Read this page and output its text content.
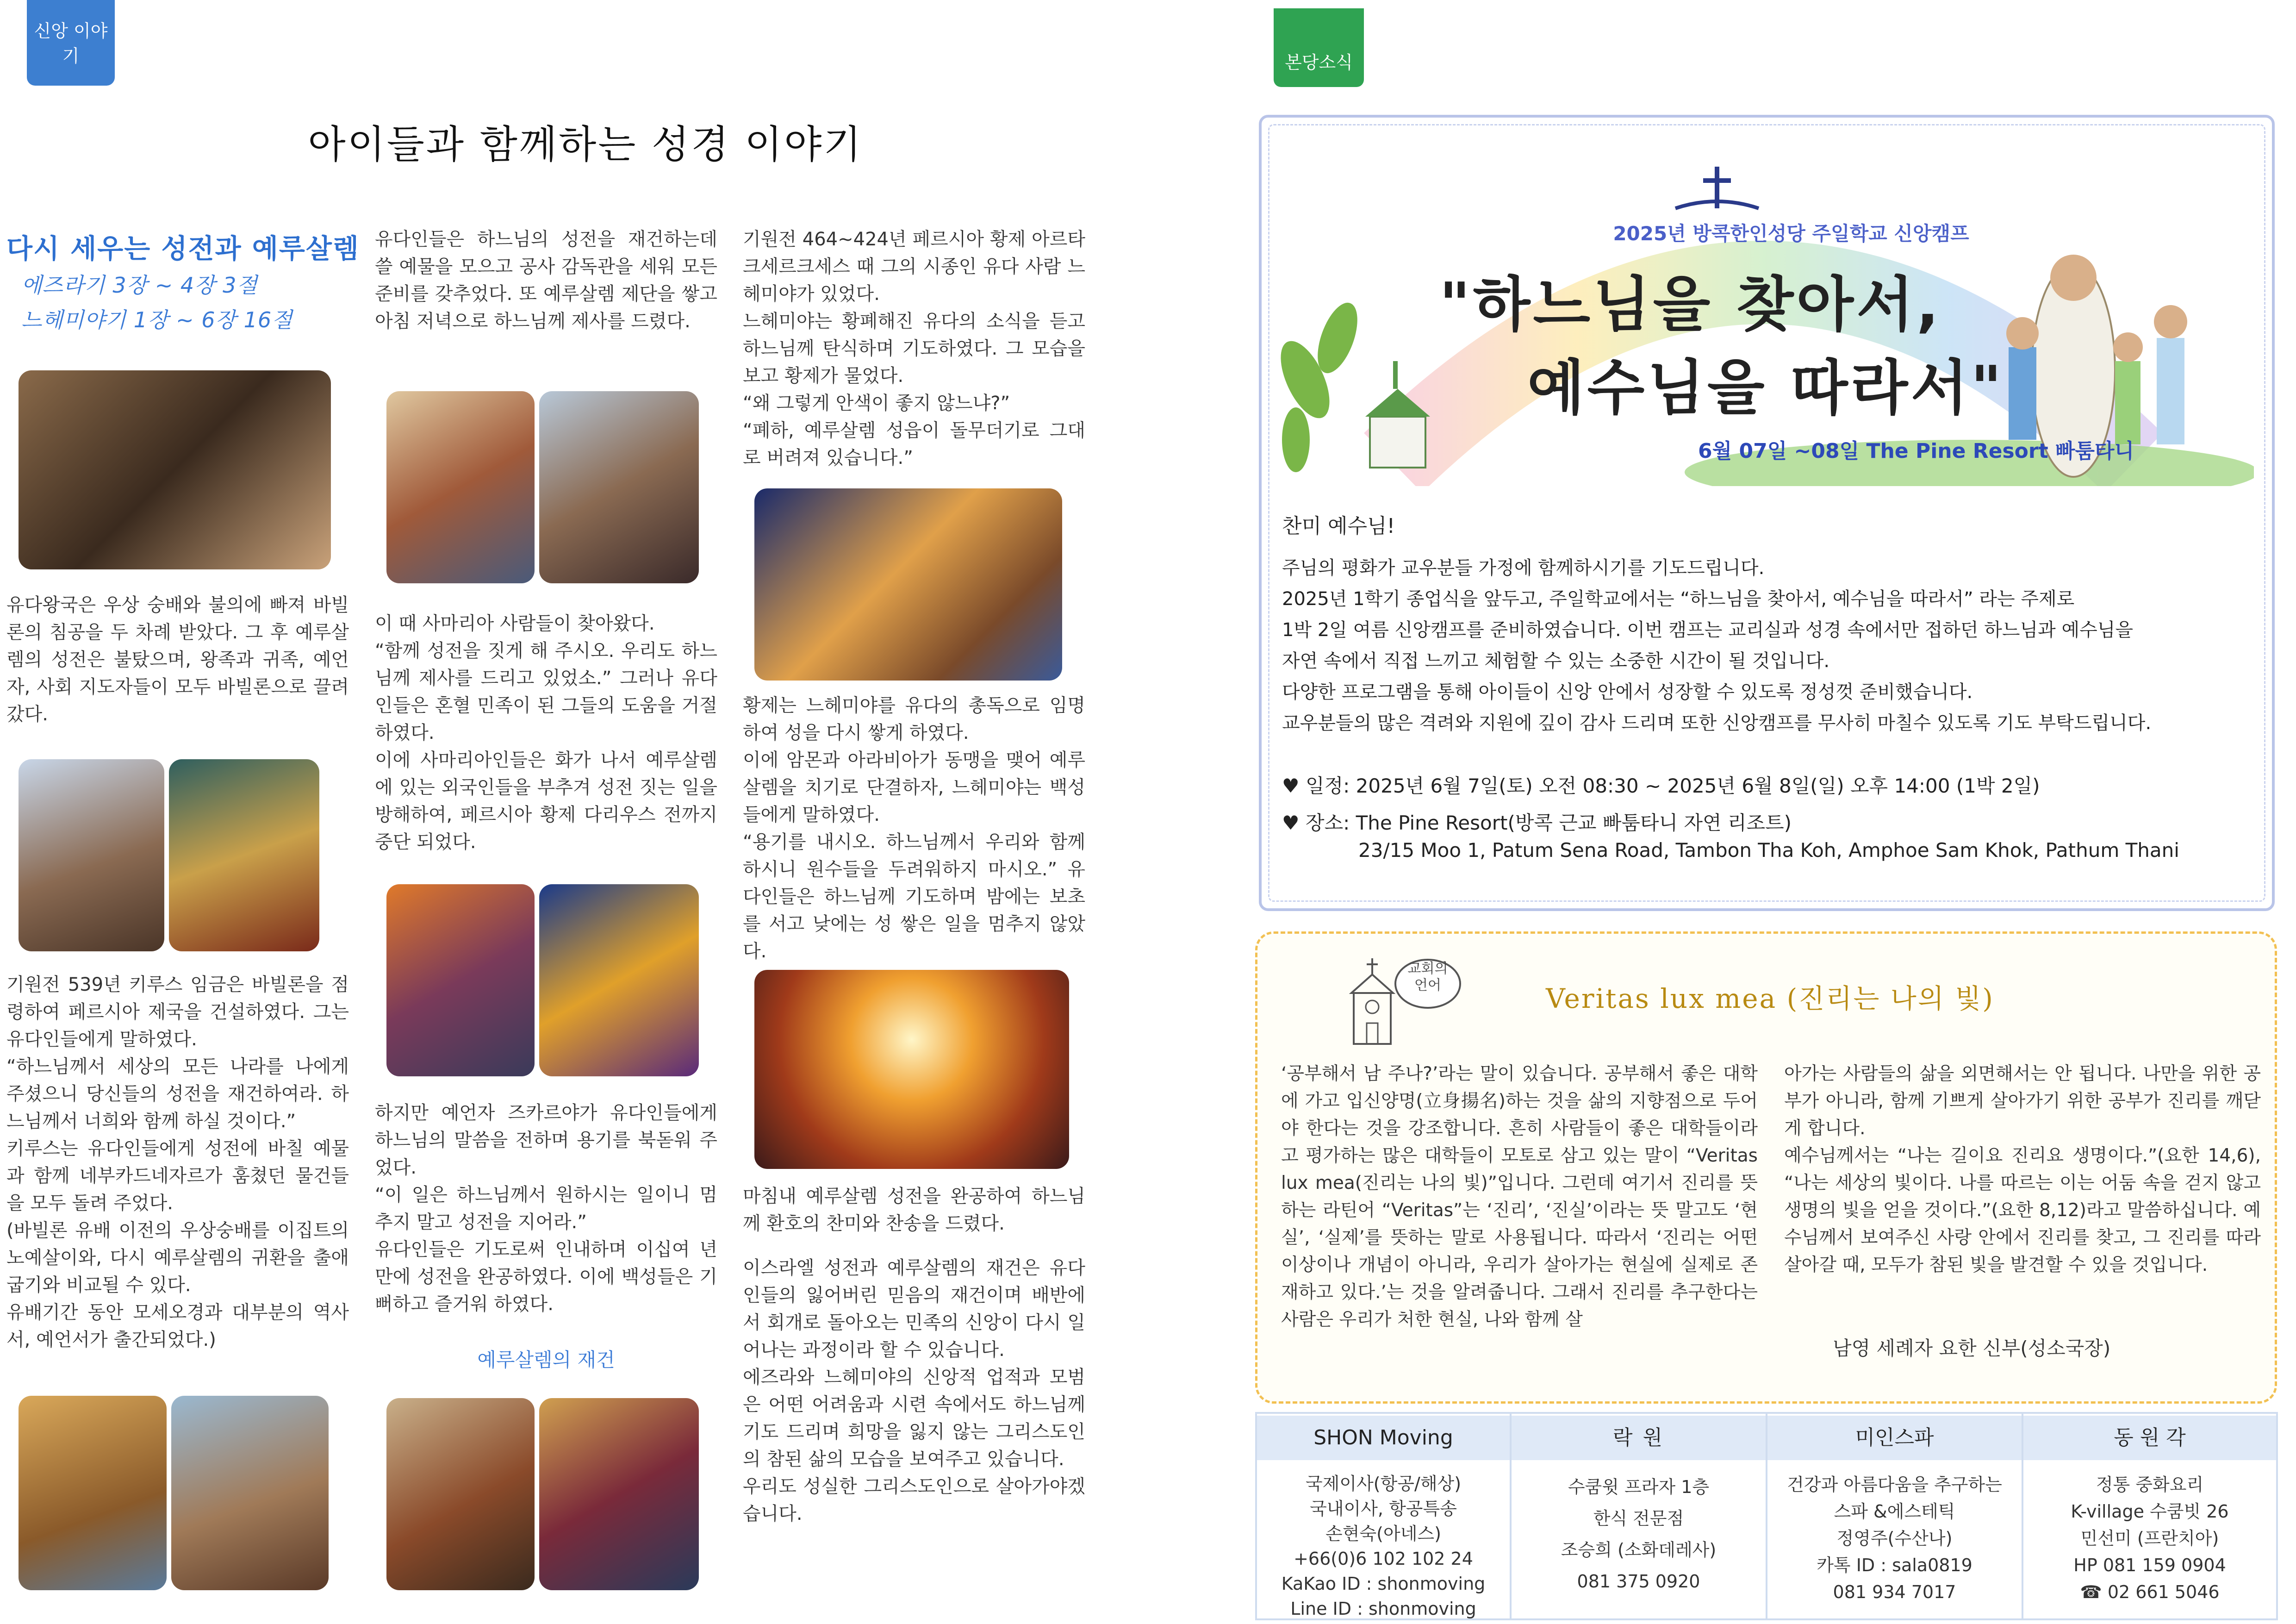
신앙 이야기
아이들과 함께하는 성경 이야기
다시 세우는 성전과 예루살렘
에즈라기 3장 ~ 4장 3절
느헤미야기 1장 ~ 6장 16절
유다왕국은 우상 숭배와 불의에 빠져 바빌론의 침공을 두 차례 받았다. 그 후 예루살렘의 성전은 불탔으며, 왕족과 귀족, 예언자, 사회 지도자들이 모두 바빌론으로 끌려갔다.
기원전 539년 키루스 임금은 바빌론을 점령하여 페르시아 제국을 건설하였다. 그는 유다인들에게 말하였다.
“하느님께서 세상의 모든 나라를 나에게 주셨으니 당신들의 성전을 재건하여라. 하느님께서 너희와 함께 하실 것이다.”
키루스는 유다인들에게 성전에 바칠 예물과 함께 네부카드네자르가 훔쳤던 물건들을 모두 돌려 주었다.
(바빌론 유배 이전의 우상숭배를 이집트의 노예살이와, 다시 예루살렘의 귀환을 출애굽기와 비교될 수 있다.
유배기간 동안 모세오경과 대부분의 역사서, 예언서가 출간되었다.)
유다인들은 하느님의 성전을 재건하는데 쓸 예물을 모으고 공사 감독관을 세워 모든 준비를 갖추었다. 또 예루살렘 제단을 쌓고 아침 저녁으로 하느님께 제사를 드렸다.
이 때 사마리아 사람들이 찾아왔다.
“함께 성전을 짓게 해 주시오. 우리도 하느님께 제사를 드리고 있었소.” 그러나 유다인들은 혼혈 민족이 된 그들의 도움을 거절하였다.
이에 사마리아인들은 화가 나서 예루살렘에 있는 외국인들을 부추겨 성전 짓는 일을 방해하여, 페르시아 황제 다리우스 전까지 중단 되었다.
하지만 예언자 즈카르야가 유다인들에게 하느님의 말씀을 전하며 용기를 북돋워 주었다.
“이 일은 하느님께서 원하시는 일이니 멈추지 말고 성전을 지어라.”
유다인들은 기도로써 인내하며 이십여 년 만에 성전을 완공하였다. 이에 백성들은 기뻐하고 즐거워 하였다.
예루살렘의 재건
기원전 464~424년 페르시아 황제 아르타크세르크세스 때 그의 시종인 유다 사람 느헤미야가 있었다.
느헤미야는 황폐해진 유다의 소식을 듣고 하느님께 탄식하며 기도하였다. 그 모습을 보고 황제가 물었다.
“왜 그렇게 안색이 좋지 않느냐?”
“폐하, 예루살렘 성읍이 돌무더기로 그대로 버려져 있습니다.”
황제는 느헤미야를 유다의 총독으로 임명하여 성을 다시 쌓게 하였다.
이에 암몬과 아라비아가 동맹을 맺어 예루살렘을 치기로 단결하자, 느헤미야는 백성들에게 말하였다.
“용기를 내시오. 하느님께서 우리와 함께 하시니 원수들을 두려워하지 마시오.” 유다인들은 하느님께 기도하며 밤에는 보초를 서고 낮에는 성 쌓은 일을 멈추지 않았다.
마침내 예루살렘 성전을 완공하여 하느님께 환호의 찬미와 찬송을 드렸다.
이스라엘 성전과 예루살렘의 재건은 유다인들의 잃어버린 믿음의 재건이며 배반에서 회개로 돌아오는 민족의 신앙이 다시 일어나는 과정이라 할 수 있습니다.
에즈라와 느헤미야의 신앙적 업적과 모범은 어떤 어려움과 시련 속에서도 하느님께 기도 드리며 희망을 잃지 않는 그리스도인의 참된 삶의 모습을 보여주고 있습니다.
우리도 성실한 그리스도인으로 살아가야겠습니다.
본당소식
2025년 방콕한인성당 주일학교 신앙캠프
"하느님을 찾아서,
예수님을 따라서"
6월 07일 ~08일 The Pine Resort 빠툼타니
찬미 예수님!
주님의 평화가 교우분들 가정에 함께하시기를 기도드립니다.
2025년 1학기 종업식을 앞두고, 주일학교에서는 “하느님을 찾아서, 예수님을 따라서” 라는 주제로
1박 2일 여름 신앙캠프를 준비하였습니다. 이번 캠프는 교리실과 성경 속에서만 접하던 하느님과 예수님을
자연 속에서 직접 느끼고 체험할 수 있는 소중한 시간이 될 것입니다.
다양한 프로그램을 통해 아이들이 신앙 안에서 성장할 수 있도록 정성껏 준비했습니다.
교우분들의 많은 격려와 지원에 깊이 감사 드리며 또한 신앙캠프를 무사히 마칠수 있도록 기도 부탁드립니다.
♥ 일정: 2025년 6월 7일(토) 오전 08:30 ~ 2025년 6월 8일(일) 오후 14:00 (1박 2일)
♥ 장소: The Pine Resort(방콕 근교 빠툼타니 자연 리조트)
23/15 Moo 1, Patum Sena Road, Tambon Tha Koh, Amphoe Sam Khok, Pathum Thani
교회의 언어	Veritas lux mea (진리는 나의 빛)
‘공부해서 남 주나?’라는 말이 있습니다. 공부해서 좋은 대학에 가고 입신양명(立身揚名)하는 것을 삶의 지향점으로 두어야 한다는 것을 강조합니다. 흔히 사람들이 좋은 대학들이라고 평가하는 많은 대학들이 모토로 삼고 있는 말이 “Veritas lux mea(진리는 나의 빛)”입니다. 그런데 여기서 진리를 뜻하는 라틴어 “Veritas”는 ‘진리’, ‘진실’이라는 뜻 말고도 ‘현실’, ‘실제’를 뜻하는 말로 사용됩니다. 따라서 ‘진리는 어떤 이상이나 개념이 아니라, 우리가 살아가는 현실에 실제로 존재하고 있다.’는 것을 알려줍니다. 그래서 진리를 추구한다는 사람은 우리가 처한 현실, 나와 함께 살
아가는 사람들의 삶을 외면해서는 안 됩니다. 나만을 위한 공부가 아니라, 함께 기쁘게 살아가기 위한 공부가 진리를 깨닫게 합니다.
예수님께서는 “나는 길이요 진리요 생명이다.”(요한 14,6), “나는 세상의 빛이다. 나를 따르는 이는 어둠 속을 걷지 않고 생명의 빛을 얻을 것이다.”(요한 8,12)라고 말씀하십니다. 예수님께서 보여주신 사랑 안에서 진리를 찾고, 그 진리를 따라 살아갈 때, 모두가 참된 빛을 발견할 수 있을 것입니다.
남영 세례자 요한 신부(성소국장)
SHON Moving
국제이사(항공/해상)
국내이사, 항공특송
손현숙(아네스)
+66(0)6 102 102 24
KaKao ID : shonmoving
Line ID : shonmoving
락 원
수쿰윗 프라자 1층
한식 전문점
조승희 (소화데레사)
081 375 0920
미인스파
건강과 아름다움을 추구하는
스파 &에스테틱
정영주(수산나)
카톡 ID : sala0819
081 934 7017
동 원 각
정통 중화요리
K-village 수쿰빗 26
민선미 (프란치아)
HP 081 159 0904
☎ 02 661 5046
